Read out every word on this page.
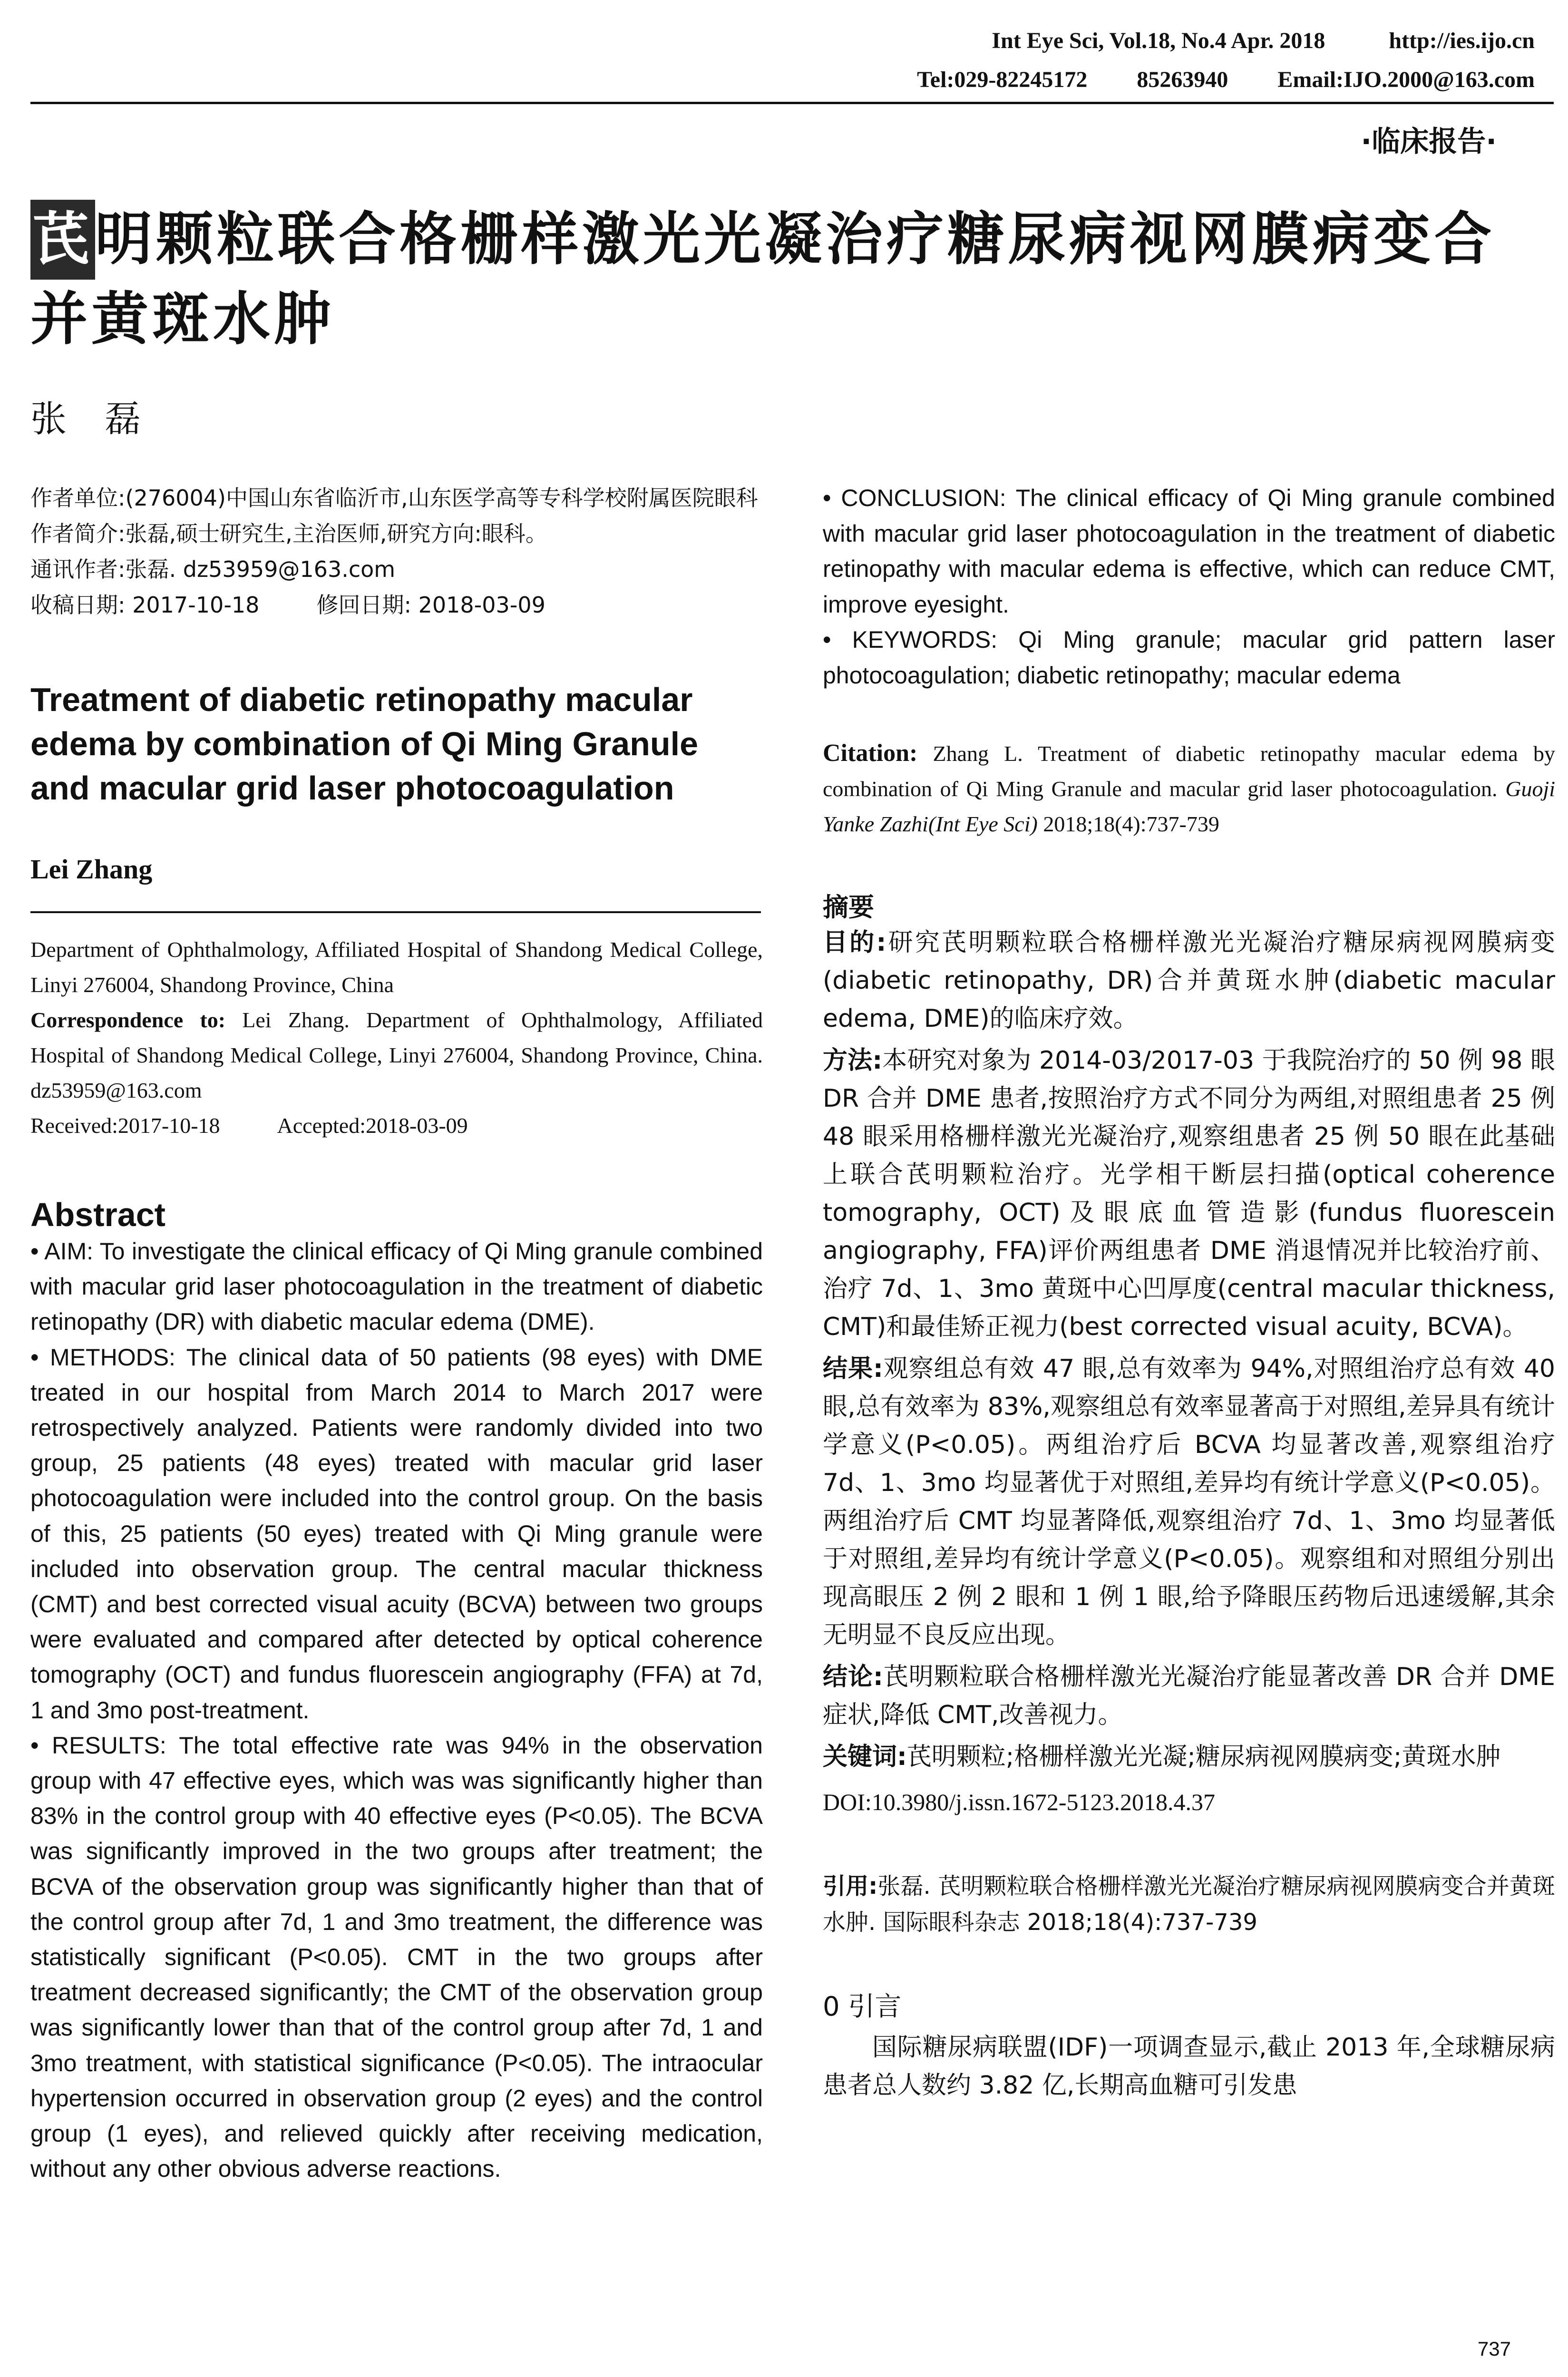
Int Eye Sci, Vol.18, No.4 Apr. 2018	http://ies.ijo.cn
Tel:029-82245172 85263940 Email:IJO.2000@163.com
·临床报告·
芪明颗粒联合格栅样激光光凝治疗糖尿病视网膜病变合并黄斑水肿
张磊

作者单位:(276004)中国山东省临沂市,山东医学高等专科学校附属医院眼科

作者简介:张磊,硕士研究生,主治医师,研究方向:眼科。

通讯作者:张磊. dz53959@163.com

收稿日期: 2017-10-18	修回日期: 2018-03-09

Treatment of diabetic retinopathy macular edema by combination of Qi Ming Granule and macular grid laser photocoagulation
Lei Zhang

Department of Ophthalmology, Affiliated Hospital of Shandong Medical College, Linyi 276004, Shandong Province, China

Correspondence to: Lei Zhang. Department of Ophthalmology, Affiliated Hospital of Shandong Medical College, Linyi 276004, Shandong Province, China. dz53959@163.com

Received:2017-10-18	Accepted:2018-03-09

Abstract

• AIM: To investigate the clinical efficacy of Qi Ming granule combined with macular grid laser photocoagulation in the treatment of diabetic retinopathy (DR) with diabetic macular edema (DME).

• METHODS: The clinical data of 50 patients (98 eyes) with DME treated in our hospital from March 2014 to March 2017 were retrospectively analyzed. Patients were randomly divided into two group, 25 patients (48 eyes) treated with macular grid laser photocoagulation were included into the control group. On the basis of this, 25 patients (50 eyes) treated with Qi Ming granule were included into observation group. The central macular thickness (CMT) and best corrected visual acuity (BCVA) between two groups were evaluated and compared after detected by optical coherence tomography (OCT) and fundus fluorescein angiography (FFA) at 7d, 1 and 3mo post-treatment.

• RESULTS: The total effective rate was 94% in the observation group with 47 effective eyes, which was was significantly higher than 83% in the control group with 40 effective eyes (P<0.05). The BCVA was significantly improved in the two groups after treatment; the BCVA of the observation group was significantly higher than that of the control group after 7d, 1 and 3mo treatment, the difference was statistically significant (P<0.05). CMT in the two groups after treatment decreased significantly; the CMT of the observation group was significantly lower than that of the control group after 7d, 1 and 3mo treatment, with statistical significance (P<0.05). The intraocular hypertension occurred in observation group (2 eyes) and the control group (1 eyes), and relieved quickly after receiving medication, without any other obvious adverse reactions.

• CONCLUSION: The clinical efficacy of Qi Ming granule combined with macular grid laser photocoagulation in the treatment of diabetic retinopathy with macular edema is effective, which can reduce CMT, improve eyesight.

• KEYWORDS: Qi Ming granule; macular grid pattern laser photocoagulation; diabetic retinopathy; macular edema

Citation: Zhang L. Treatment of diabetic retinopathy macular edema by combination of Qi Ming Granule and macular grid laser photocoagulation. Guoji Yanke Zazhi(Int Eye Sci) 2018;18(4):737-739
摘要

目的:研究芪明颗粒联合格栅样激光光凝治疗糖尿病视网膜病变(diabetic retinopathy, DR)合并黄斑水肿(diabetic macular edema, DME)的临床疗效。

方法:本研究对象为 2014-03/2017-03 于我院治疗的 50 例 98 眼 DR 合并 DME 患者,按照治疗方式不同分为两组,对照组患者 25 例 48 眼采用格栅样激光光凝治疗,观察组患者 25 例 50 眼在此基础上联合芪明颗粒治疗。光学相干断层扫描(optical coherence tomography, OCT)及眼底血管造影(fundus fluorescein angiography, FFA)评价两组患者 DME 消退情况并比较治疗前、治疗 7d、1、3mo 黄斑中心凹厚度(central macular thickness, CMT)和最佳矫正视力(best corrected visual acuity, BCVA)。

结果:观察组总有效 47 眼,总有效率为 94%,对照组治疗总有效 40 眼,总有效率为 83%,观察组总有效率显著高于对照组,差异具有统计学意义(P<0.05)。两组治疗后 BCVA 均显著改善,观察组治疗 7d、1、3mo 均显著优于对照组,差异均有统计学意义(P<0.05)。两组治疗后 CMT 均显著降低,观察组治疗 7d、1、3mo 均显著低于对照组,差异均有统计学意义(P<0.05)。观察组和对照组分别出现高眼压 2 例 2 眼和 1 例 1 眼,给予降眼压药物后迅速缓解,其余无明显不良反应出现。

结论:芪明颗粒联合格栅样激光光凝治疗能显著改善 DR 合并 DME 症状,降低 CMT,改善视力。

关键词:芪明颗粒;格栅样激光光凝;糖尿病视网膜病变;黄斑水肿

DOI:10.3980/j.issn.1672-5123.2018.4.37
引用:张磊. 芪明颗粒联合格栅样激光光凝治疗糖尿病视网膜病变合并黄斑水肿. 国际眼科杂志 2018;18(4):737-739
0 引言
国际糖尿病联盟(IDF)一项调查显示,截止 2013 年,全球糖尿病患者总人数约 3.82 亿,长期高血糖可引发患
737
